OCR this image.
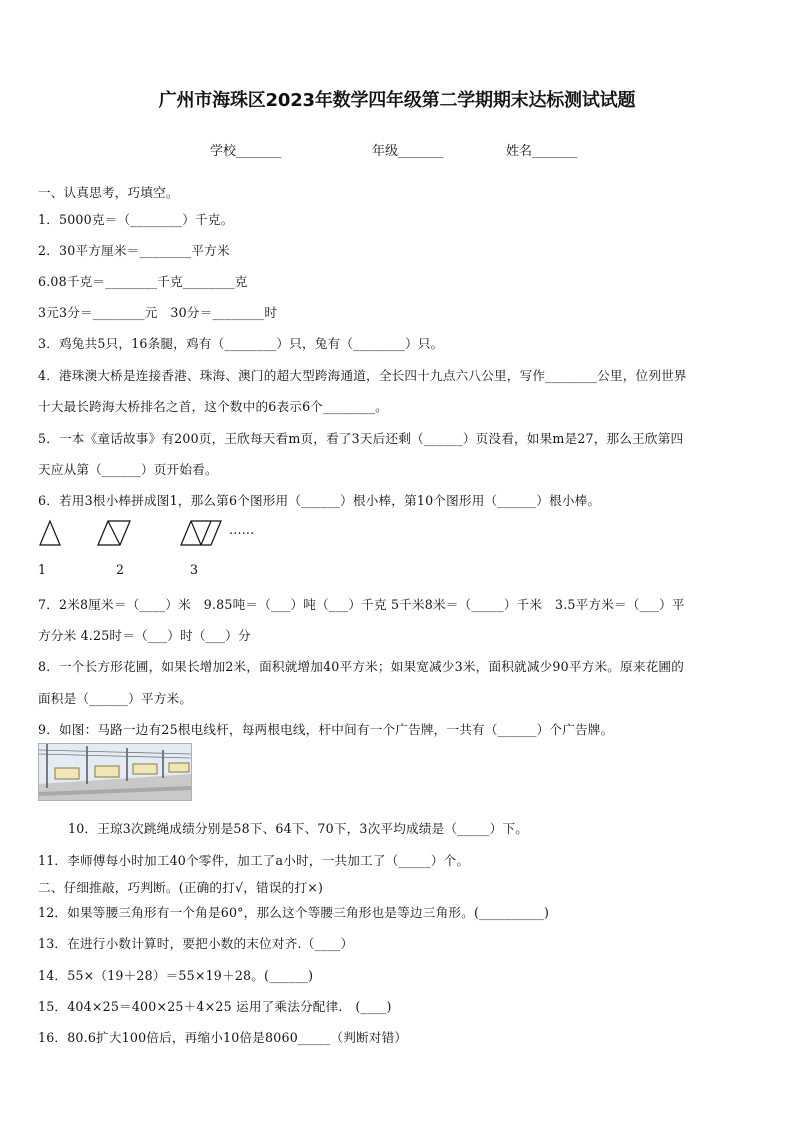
广州市海珠区2023年数学四年级第二学期期末达标测试试题
学校_______	年级_______	姓名_______
一、认真思考，巧填空。
1．5000克＝（________）千克。
2．30平方厘米＝________平方米
6.08千克＝________千克________克
3元3分＝________元　30分＝________时
3．鸡兔共5只，16条腿，鸡有（________）只，兔有（________）只。
4．港珠澳大桥是连接香港、珠海、澳门的超大型跨海通道，全长四十九点六八公里，写作________公里，位列世界
十大最长跨海大桥排名之首，这个数中的6表示6个________。
5．一本《童话故事》有200页，王欣每天看m页，看了3天后还剩（______）页没看，如果m是27，那么王欣第四
天应从第（______）页开始看。
6．若用3根小棒拼成图1，那么第6个图形用（______）根小棒，第10个图形用（______）根小棒。
……
1	2	3
7．2米8厘米＝（____）米　9.85吨＝（___）吨（___）千克 5千米8米＝（_____）千米　3.5平方米＝（___）平
方分米 4.25时＝（___）时（___）分
8．一个长方形花圃，如果长增加2米，面积就增加40平方米；如果宽减少3米，面积就减少90平方米。原来花圃的
面积是（______）平方米。
9．如图：马路一边有25根电线杆，每两根电线，杆中间有一个广告牌，一共有（______）个广告牌。
10．王琼3次跳绳成绩分别是58下、64下、70下，3次平均成绩是（_____）下。
11．李师傅每小时加工40个零件，加工了a小时，一共加工了（_____）个。
二、仔细推敲，巧判断。(正确的打√，错误的打×)
12．如果等腰三角形有一个角是60°，那么这个等腰三角形也是等边三角形。(__________)
13．在进行小数计算时，要把小数的末位对齐.（____）
14．55×（19＋28）＝55×19＋28。(______)
15．404×25＝400×25＋4×25 运用了乘法分配律.　(____)
16．80.6扩大100倍后，再缩小10倍是8060_____（判断对错）
